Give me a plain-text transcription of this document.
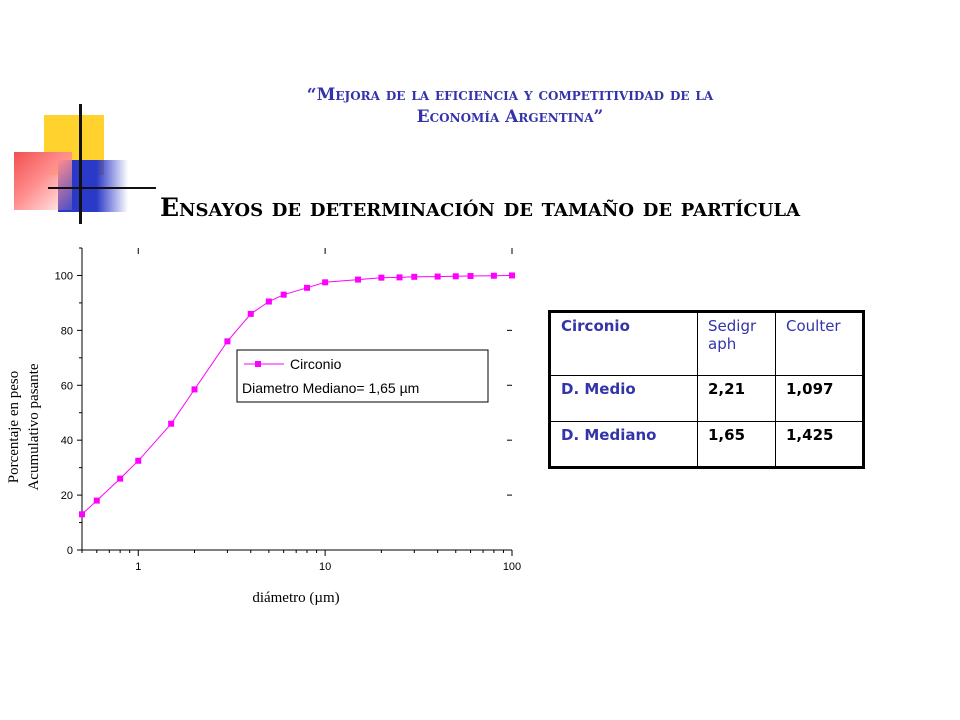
“Mejora de la eficiencia y competitividad de la
Economía Argentina”
Ensayos de determinación de tamaño de partícula
0
20
40
60
80
100
1	10	100
Porcentaje en peso Acumulativo pasante
diámetro (µm)
Circonio
Diametro Mediano= 1,65 µm
Circonio	Sedigraph	Coulter
D. Medio	2,21	1,097
D. Mediano	1,65	1,425
